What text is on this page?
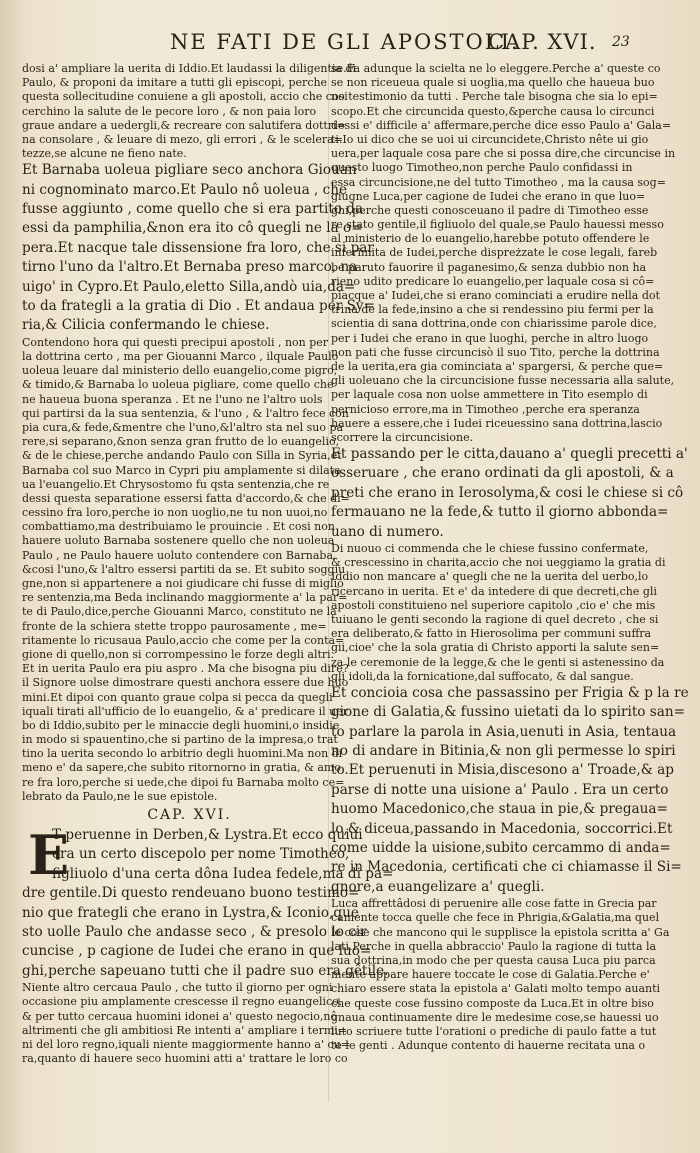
NE FATI DE GLI APOSTOLI.
CAP. XVI. 23
dosi a' ampliare la uerita di Iddio.Et laudassi la diligentia di
Paulo, & proponi da imitare a tutti gli episcopi, perche
questa sollecitudine conuiene a gli apostoli, accio che cosi
cerchino la salute de le pecore loro , & non paia loro
graue andare a uedergli,& recreare con salutifera dottri=
na consolare , & leuare di mezo, gli errori , & le scelera=
tezze,se alcune ne fieno nate.
Et Barnaba uoleua pigliare seco anchora Giouan
ni cognominato marco.Et Paulo nô uoleua , che
fusse aggiunto , come quello che si era partito da
essi da pamphilia,&non era ito cô quegli ne la o=
pera.Et nacque tale dissensione fra loro, che si par
tirno l'uno da l'altro.Et Bernaba preso marco, na
uigo' in Cypro.Et Paulo,eletto Silla,andò uia,da=
to da frategli a la gratia di Dio . Et andaua per Sy=
ria,& Cilicia confermando le chiese.
Contendono hora qui questi precipui apostoli , non per
la dottrina certo , ma per Giouanni Marco , ilquale Paulo
uoleua leuare dal ministerio dello euangelio,come pigro,
& timido,& Barnaba lo uoleua pigliare, come quello che
ne haueua buona speranza . Et ne l'uno ne l'altro uols
qui partirsi da la sua sentenzia, & l'uno , & l'altro fece con
pia cura,& fede,&mentre che l'uno,&l'altro sta nel suo pa
rere,si separano,&non senza gran frutto de lo euangelio,
& de le chiese,perche andando Paulo con Silla in Syria,et
Barnaba col suo Marco in Cypri piu amplamente si dilata
ua l'euangelio.Et Chrysostomo fu qsta sentenzia,che re
dessi questa separatione essersi fatta d'accordo,& che di=
cessino fra loro,perche io non uoglio,ne tu non uuoi,no
combattiamo,ma destribuiamo le prouincie . Et cosi non
hauere uoluto Barnaba sostenere quello che non uoleua
Paulo , ne Paulo hauere uoluto contendere con Barnaba,
&cosi l'uno,& l'altro essersi partiti da se. Et subito soggiu
gne,non si appartenere a noi giudicare chi fusse di miglio
re sentenzia,ma Beda inclinando maggiormente a' la par=
te di Paulo,dice,perche Giouanni Marco, constituto ne la
fronte de la schiera stette troppo paurosamente , me=
ritamente lo ricusaua Paulo,accio che come per la conta=
gione di quello,non si corrompessino le forze degli altri.
Et in uerita Paulo era piu aspro . Ma che bisogna piu dire?
il Signore uolse dimostrare questi anchora essere due huo
mini.Et dipoi con quanto graue colpa si pecca da quegli
iquali tirati all'ufficio de lo euangelio, & a' predicare il uer
bo di Iddio,subito per le minaccie degli huomini,o insidie
in modo si spauentino,che si partino de la impresa,o trat
tino la uerita secondo lo arbitrio degli huomini.Ma non di
meno e' da sapere,che subito ritornorno in gratia, & amo
re fra loro,perche si uede,che dipoi fu Barnaba molto ce=
lebrato da Paulo,ne le sue epistole.
CAP. XVI.
E
T peruenne in Derben,& Lystra.Et ecco quiui
era un certo discepolo per nome Timotheo,
figliuolo d'una certa dôna Iudea fedele,ma di pa=
dre gentile.Di questo rendeuano buono testimo=
nio que frategli che erano in Lystra,& Iconio,que
sto uolle Paulo che andasse seco , & presolo lo cir
cuncise , p cagione de Iudei che erano in que luo=
ghi,perche sapeuano tutti che il padre suo era gêtile.
Niente altro cercaua Paulo , che tutto il giorno per ogni
occasione piu amplamente crescesse il regno euangelico.
& per tutto cercaua huomini idonei a' questo negocio,nô
altrimenti che gli ambitiosi Re intenti a' ampliare i termi=
ni del loro regno,iquali niente maggiormente hanno a' cu=
ra,quanto di hauere seco huomini atti a' trattare le loro co
se.Fa adunque la scielta ne lo eleggere.Perche a' queste co
se non riceueua quale si uoglia,ma quello che haueua buo
no testimonio da tutti . Perche tale bisogna che sia lo epi=
scopo.Et che circuncida questo,&perche causa lo circunci
dessi e' difficile a' affermare,perche dice esso Paulo a' Gala=
ti.Io ui dico che se uoi ui circuncidete,Christo nête ui gio
uera,per laquale cosa pare che si possa dire,che circuncise in
questo luogo Timotheo,non perche Paulo confidassi in
essa circuncisione,ne del tutto Timotheo , ma la causa sog=
giugne Luca,per cagione de Iudei che erano in que luo=
ghi,perche questi conosceuano il padre di Timotheo esse
re stato gentile,il figliuolo del quale,se Paulo hauessi messo
al ministerio de lo euangelio,harebbe potuto offendere le
inferimita de Iudei,perche dispreżzate le cose legali, fareb
be paruto fauorire il paganesimo,& senza dubbio non ha
rieno udito predicare lo euangelio,per laquale cosa si cô=
piacque a' Iudei,che si erano cominciati a erudire nella dot
trina de la fede,insino a che si rendessino piu fermi per la
scientia di sana dottrina,onde con chiarissime parole dice,
per i Iudei che erano in que luoghi, perche in altro luogo
non pati che fusse circuncisò il suo Tito, perche la dottrina
de la uerita,era gia cominciata a' spargersi, & perche que=
gli uoleuano che la circuncisione fusse necessaria alla salute,
per laquale cosa non uolse ammettere in Tito esemplo di
pernicioso errore,ma in Timotheo ,perche era speranza
hauere a essere,che i Iudei riceuessino sana dottrina,lascio
scorrere la circuncisione.
Et passando per le citta,dauano a' quegli precetti a'
osseruare , che erano ordinati da gli apostoli, & a
preti che erano in Ierosolyma,& cosi le chiese si cô
fermauano ne la fede,& tutto il giorno abbonda=
uano di numero.
Di nuouo ci commenda che le chiese fussino confermate,
& crescessino in charita,accio che noi ueggiamo la gratia di
Iddio non mancare a' quegli che ne la uerita del uerbo,lo
ricercano in uerita. Et e' da intedere di que decreti,che gli
apostoli constituieno nel superiore capitolo ,cio e' che mis
tuiuano le genti secondo la ragione di quel decreto , che si
era deliberato,& fatto in Hierosolima per communi suffra
gii,cioe' che la sola gratia di Christo apporti la salute sen=
za le ceremonie de la legge,& che le genti si astenessino da
gli idoli,da la fornicatione,dal suffocato, & dal sangue.
Et concioia cosa che passassino per Frigia & p la re
gione di Galatia,& fussino uietati da lo spirito san=
to parlare la parola in Asia,uenuti in Asia, tentaua
no di andare in Bitinia,& non gli permesse lo spiri
to.Et peruenuti in Misia,discesono a' Troade,& ap
parse di notte una uisione a' Paulo . Era un certo
huomo Macedonico,che staua in pie,& pregaua=
lo,& diceua,passando in Macedonia, soccorrici.Et
come uidde la uisione,subito cercammo di anda=
re in Macedonia, certificati che ci chiamasse il Si=
gnore,a euangelizare a' quegli.
Luca affrettâdosi di peruenire alle cose fatte in Grecia par
camente tocca quelle che fece in Phrigia,&Galatia,ma quel
le cose che mancono qui le supplisce la epistola scritta a' Ga
lati.Perche in quella abbraccio' Paulo la ragione di tutta la
sua dottrina,in modo che per questa causa Luca piu parca
mente appare hauere toccate le cose di Galatia.Perche e'
chiaro essere stata la epistola a' Galati molto tempo auanti
che queste cose fussino composte da Luca.Et in oltre biso
gnaua continuamente dire le medesime cose,se hauessi uo
luto scriuere tutte l'orationi o prediche di paulo fatte a tut
te le genti . Adunque contento di hauerne recitata una o
